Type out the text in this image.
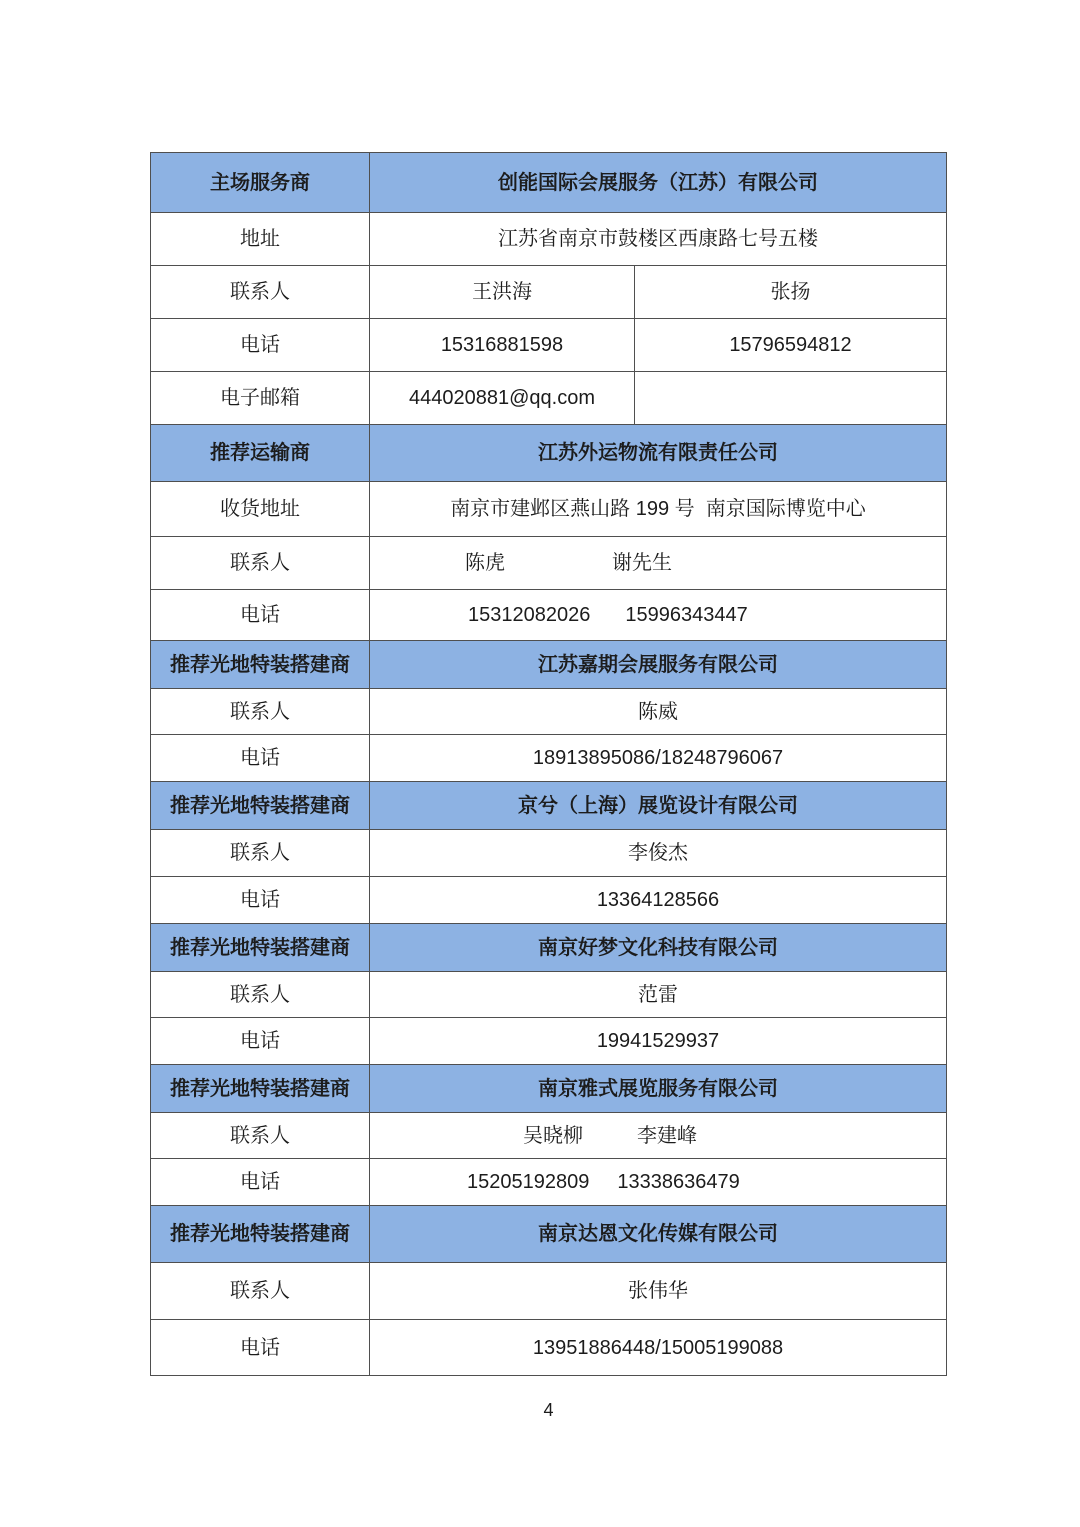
主场服务商	创能国际会展服务（江苏）有限公司
地址	江苏省南京市鼓楼区西康路七号五楼
联系人	王洪海	张扬
电话	15316881598	15796594812
电子邮箱	444020881@qq.com
推荐运输商	江苏外运物流有限责任公司
收货地址	南京市建邺区燕山路 199 号  南京国际博览中心
联系人	陈虎	谢先生
电话	15312082026 15996343447
推荐光地特装搭建商	江苏嘉期会展服务有限公司
联系人	陈威
电话	18913895086/18248796067
推荐光地特装搭建商	京兮（上海）展览设计有限公司
联系人	李俊杰
电话	13364128566
推荐光地特装搭建商	南京好梦文化科技有限公司
联系人	范雷
电话	19941529937
推荐光地特装搭建商	南京雅式展览服务有限公司
联系人	吴晓柳	李建峰
电话	15205192809 13338636479
推荐光地特装搭建商	南京达恩文化传媒有限公司
联系人	张伟华
电话	13951886448/15005199088
4
